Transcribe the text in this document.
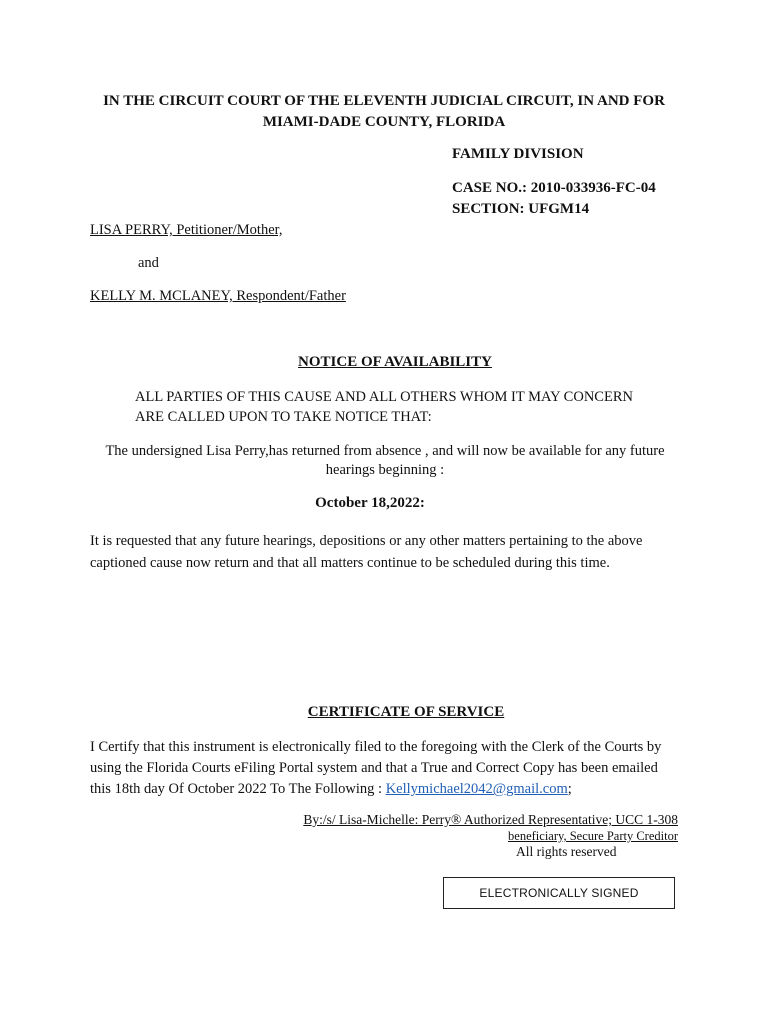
IN THE CIRCUIT COURT OF THE ELEVENTH JUDICIAL CIRCUIT, IN AND FOR
MIAMI-DADE COUNTY, FLORIDA
FAMILY DIVISION
CASE NO.: 2010-033936-FC-04
SECTION: UFGM14
LISA PERRY, Petitioner/Mother,
and
KELLY M. MCLANEY, Respondent/Father
NOTICE OF AVAILABILITY
ALL PARTIES OF THIS CAUSE AND ALL OTHERS WHOM IT MAY CONCERN
ARE CALLED UPON TO TAKE NOTICE THAT:
The undersigned Lisa Perry,has returned from absence , and will now be available for any future
hearings beginning :
October 18,2022:
It is requested that any future hearings, depositions or any other matters pertaining to the above captioned cause now return and that all matters continue to be scheduled during this time.
CERTIFICATE OF SERVICE
I Certify that this instrument is electronically filed to the foregoing with the Clerk of the Courts by using the Florida Courts eFiling Portal system and that a True and Correct Copy has been emailed this 18th day Of October 2022 To The Following : Kellymichael2042@gmail.com;
By:/s/ Lisa-Michelle: Perry® Authorized Representative; UCC 1-308
beneficiary, Secure Party Creditor
All rights reserved
ELECTRONICALLY SIGNED
